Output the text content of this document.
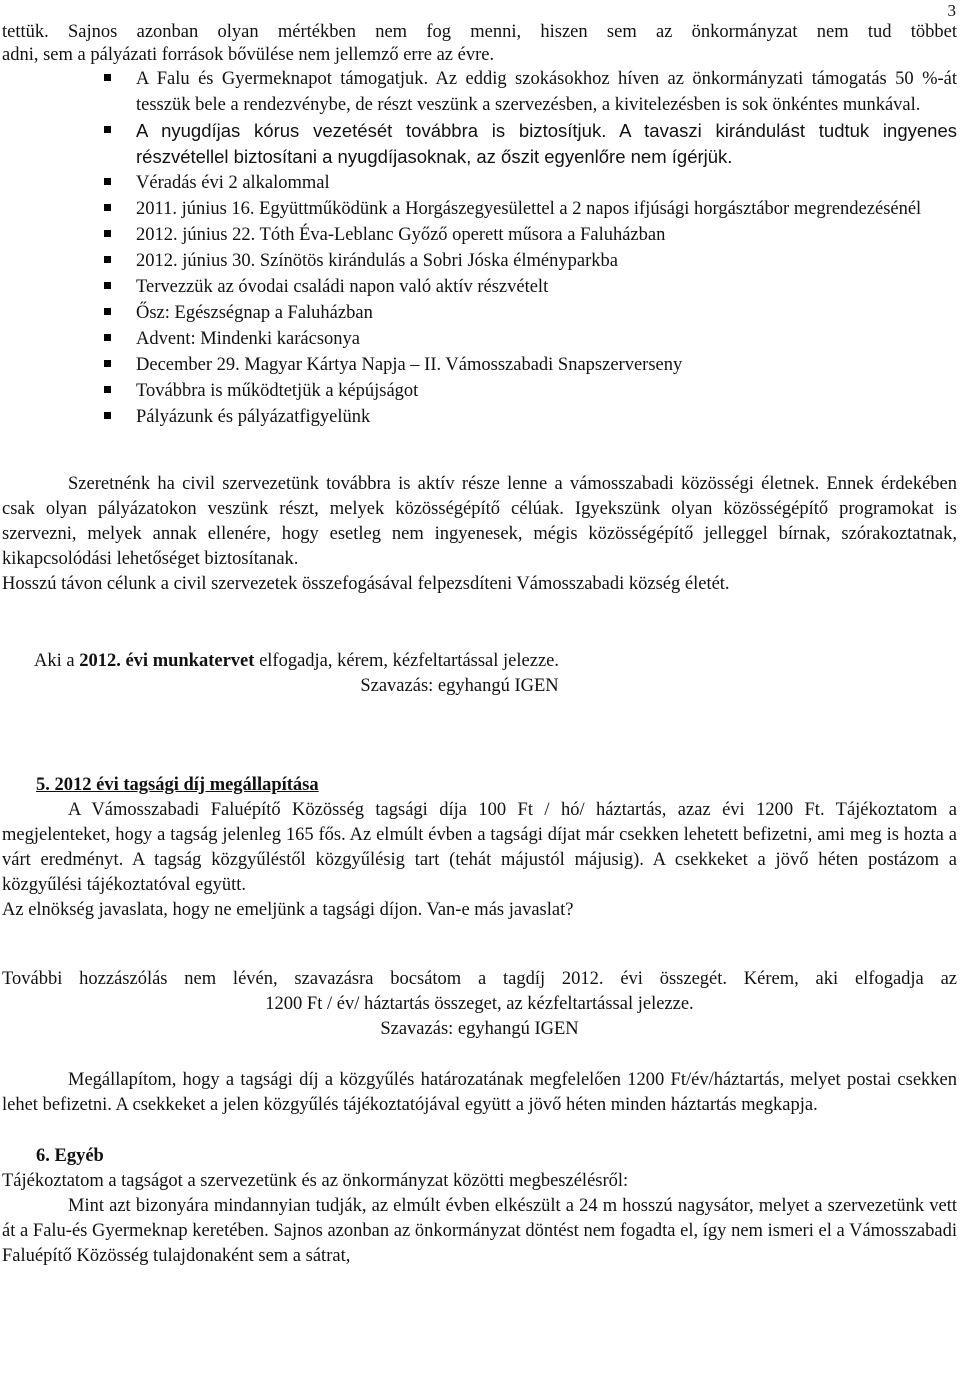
3

tettük. Sajnos azonban olyan mértékben nem fog menni, hiszen sem az önkormányzat nem tud többet

adni, sem a pályázati források bővülése nem jellemző erre az évre.

A Falu és Gyermeknapot támogatjuk. Az eddig szokásokhoz híven az önkormányzati támogatás 50 %-át tesszük bele a rendezvénybe, de részt veszünk a szervezésben, a kivitelezésben is sok önkéntes munkával.
A nyugdíjas kórus vezetését továbbra is biztosítjuk. A tavaszi kirándulást tudtuk ingyenes részvétellel biztosítani a nyugdíjasoknak, az őszit egyenlőre nem ígérjük.
Véradás évi 2 alkalommal
2011. június 16. Együttműködünk a Horgászegyesülettel a 2 napos ifjúsági horgásztábor megrendezésénél
2012. június 22. Tóth Éva-Leblanc Győző operett műsora a Faluházban
2012. június 30. Színötös kirándulás a Sobri Jóska élményparkba
Tervezzük az óvodai családi napon való aktív részvételt
Ősz: Egészségnap a Faluházban
Advent: Mindenki karácsonya
December 29. Magyar Kártya Napja – II. Vámosszabadi Snapszerverseny
Továbbra is működtetjük a képújságot
Pályázunk és pályázatfigyelünk

Szeretnénk ha civil szervezetünk továbbra is aktív része lenne a vámosszabadi közösségi életnek. Ennek érdekében csak olyan pályázatokon veszünk részt, melyek közösségépítő célúak. Igyekszünk olyan közösségépítő programokat is szervezni, melyek annak ellenére, hogy esetleg nem ingyenesek, mégis közösségépítő jelleggel bírnak, szórakoztatnak, kikapcsolódási lehetőséget biztosítanak.

Hosszú távon célunk a civil szervezetek összefogásával felpezsdíteni Vámosszabadi község életét.

Aki a 2012. évi munkatervet elfogadja, kérem, kézfeltartással jelezze.

Szavazás: egyhangú IGEN

5. 2012 évi tagsági díj megállapítása

A Vámosszabadi Faluépítő Közösség tagsági díja 100 Ft / hó/ háztartás, azaz évi 1200 Ft. Tájékoztatom a megjelenteket, hogy a tagság jelenleg 165 fős. Az elmúlt évben a tagsági díjat már csekken lehetett befizetni, ami meg is hozta a várt eredményt. A tagság közgyűléstől közgyűlésig tart (tehát májustól májusig). A csekkeket a jövő héten postázom a közgyűlési tájékoztatóval együtt.

Az elnökség javaslata, hogy ne emeljünk a tagsági díjon. Van-e más javaslat?

További hozzászólás nem lévén, szavazásra bocsátom a tagdíj 2012. évi összegét. Kérem, aki elfogadja az

1200 Ft / év/ háztartás összeget, az kézfeltartással jelezze.

Szavazás: egyhangú IGEN

Megállapítom, hogy a tagsági díj a közgyűlés határozatának megfelelően 1200 Ft/év/háztartás, melyet postai csekken lehet befizetni. A csekkeket a jelen közgyűlés tájékoztatójával együtt a jövő héten minden háztartás megkapja.

6. Egyéb

Tájékoztatom a tagságot a szervezetünk és az önkormányzat közötti megbeszélésről:

Mint azt bizonyára mindannyian tudják, az elmúlt évben elkészült a 24 m hosszú nagysátor, melyet a szervezetünk vett át a Falu-és Gyermeknap keretében. Sajnos azonban az önkormányzat döntést nem fogadta el, így nem ismeri el a Vámosszabadi Faluépítő Közösség tulajdonaként sem a sátrat,
